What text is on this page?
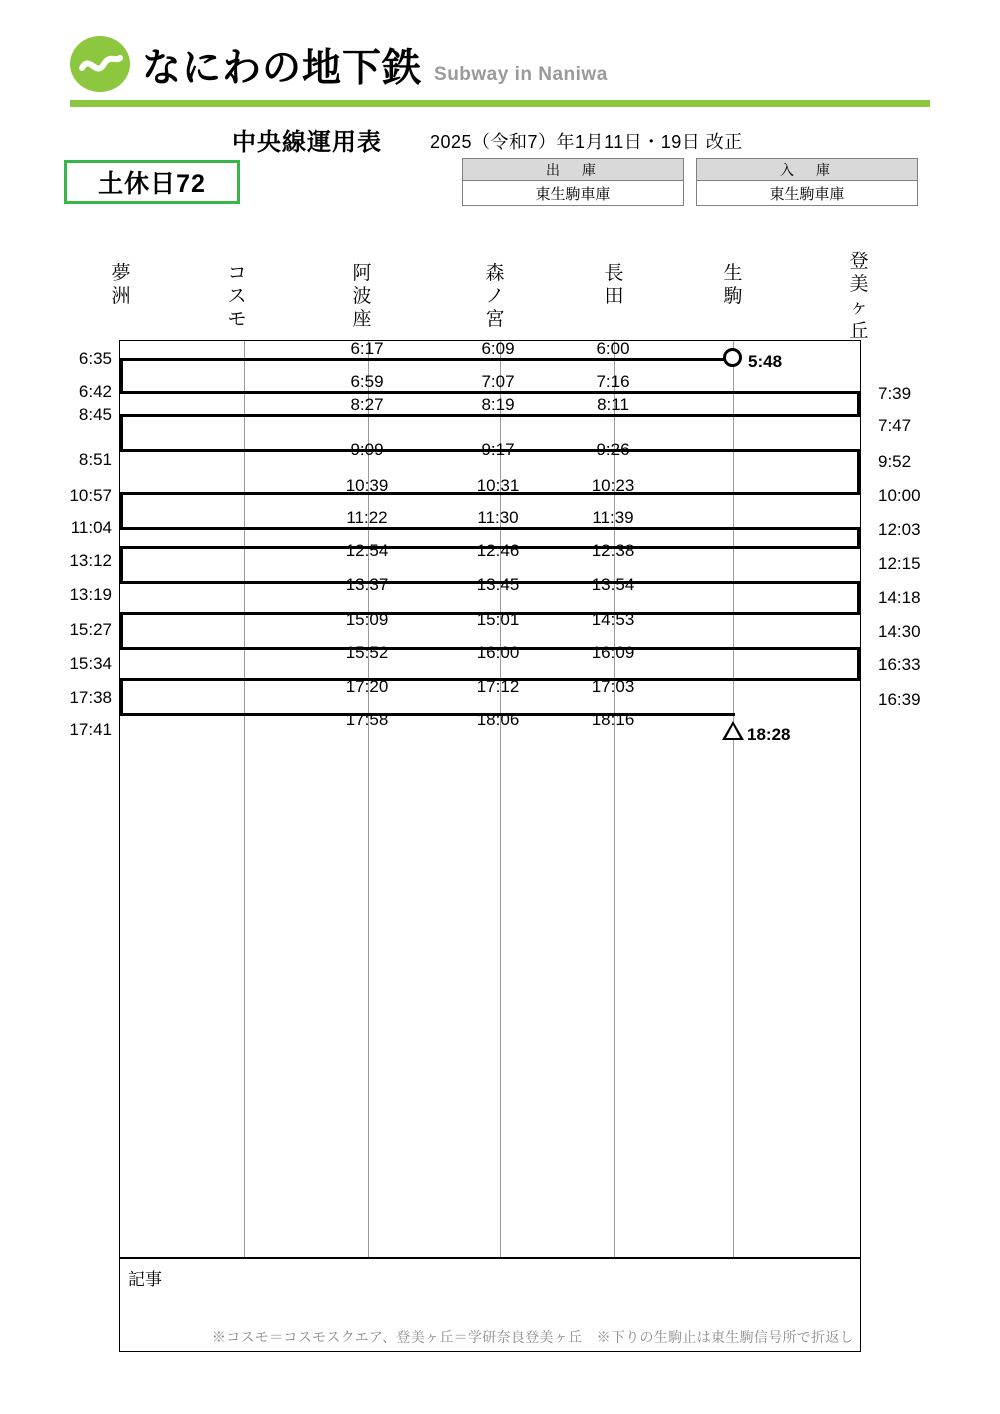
なにわの地下鉄 Subway in Naniwa
中央線運用表	2025（令和7）年1月11日・19日 改正
土休日72
出　庫
東生駒車庫
入　庫
東生駒車庫
夢
洲
コ
ス
モ
阿
波
座
森
ノ
宮
長
田
生
駒
登
美
ヶ
丘
5:48
18:28
6:35
6:42
8:45
8:51
10:57
11:04
13:12
13:19
15:27
15:34
17:38
17:41
6:17
6:59
8:27
9:09
10:39
11:22
12:54
13:37
15:09
15:52
17:20
17:58
6:09
7:07
8:19
9:17
10:31
11:30
12:46
13:45
15:01
16:00
17:12
18:06
6:00
7:16
8:11
9:26
10:23
11:39
12:38
13:54
14:53
16:09
17:03
18:16
7:39
7:47
9:52
10:00
12:03
12:15
14:18
14:30
16:33
16:39
記事
※コスモ＝コスモスクエア、登美ヶ丘＝学研奈良登美ヶ丘　※下りの生駒止は東生駒信号所で折返し
